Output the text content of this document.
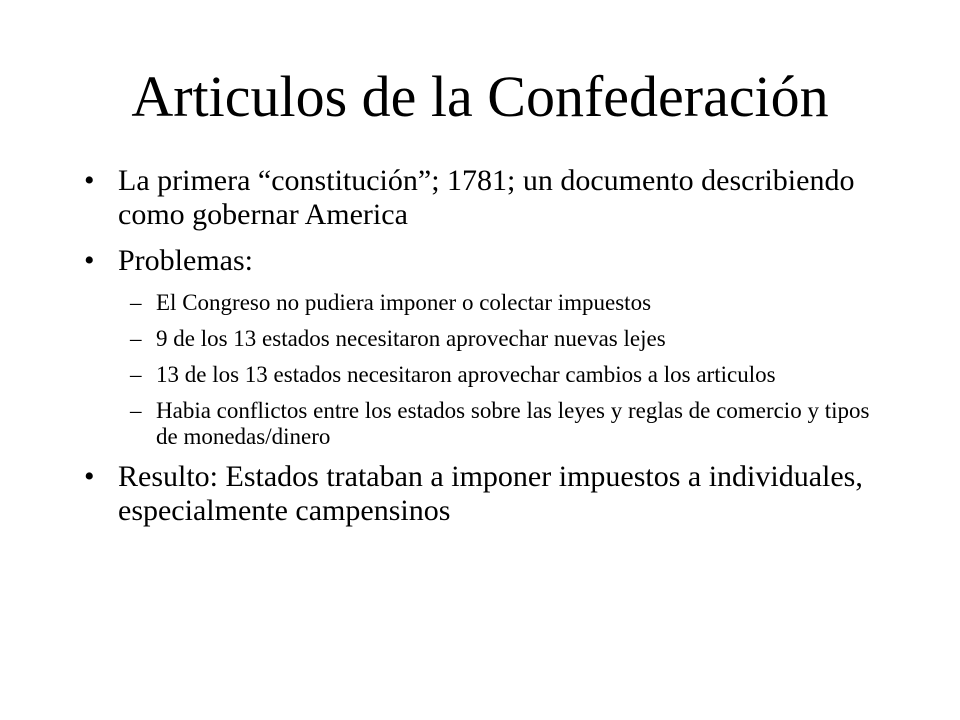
Articulos de la Confederación
• La primera “constitución”; 1781; un documento describiendo como gobernar America
• Problemas:
– El Congreso no pudiera imponer o colectar impuestos
– 9 de los 13 estados necesitaron aprovechar nuevas lejes
– 13 de los 13 estados necesitaron aprovechar cambios a los articulos
– Habia conflictos entre los estados sobre las leyes y reglas de comercio y tipos de monedas/dinero
• Resulto: Estados trataban a imponer impuestos a individuales, especialmente campensinos
